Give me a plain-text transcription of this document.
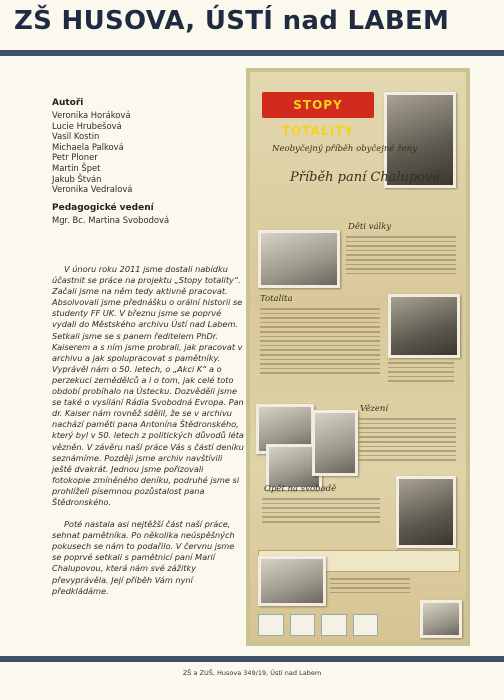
ZŠ HUSOVA, ÚSTÍ nad LABEM
Autoři
Veronika Horáková
Lucie Hrubešová
Vasil Kostin
Michaela Palková
Petr Ploner
Martin Špet
Jakub Štván
Veronika Vedralová
Pedagogické vedení
Mgr. Bc. Martina Svobodová

V únoru roku 2011 jsme dostali nabídku účastnit se práce na projektu „Stopy totality“. Začali jsme na něm tedy aktivně pracovat. Absolvovali jsme přednášku o orální historii se studenty FF UK. V březnu jsme se poprvé vydali do Městského archivu Ústí nad Labem. Setkali jsme se s panem ředitelem PhDr. Kaiserem a s ním jsme probrali, jak pracovat v archivu a jak spolupracovat s pamětníky. Vyprávěl nám o 50. letech, o „Akci K“ a o perzekuci zemědělců a i o tom, jak celé toto období probíhalo na Ústecku. Dozvěděli jsme se také o vysílání Rádia Svobodná Evropa. Pan dr. Kaiser nám rovněž sdělil, že se v archivu nachází paměti pana Antonína Štědronského, který byl v 50. letech z politických důvodů léta vězněn. V závěru naší práce Vás s částí deníku seznámíme. Později jsme archiv navštívili ještě dvakrát. Jednou jsme pořizovali fotokopie zmíněného deníku, podruhé jsme si prohlíželi písemnou pozůstalost pana Štědronského.

Poté nastala asi nejtěžší část naší práce, sehnat pamětníka. Po několika neúspěšných pokusech se nám to podařilo. V červnu jsme se poprvé setkali s pamětnicí paní Marií Chalupovou, která nám své zážitky převyprávěla. Její příběh Vám nyní předkládáme.

STOPY TOTALITY
Neobyčejný příběh obyčejné ženy
Příběh paní Chalupové
Děti války
Totalita
Vězení
Opět na svobodě
ZŠ a ZUŠ, Husova 349/19, Ústí nad Labem
